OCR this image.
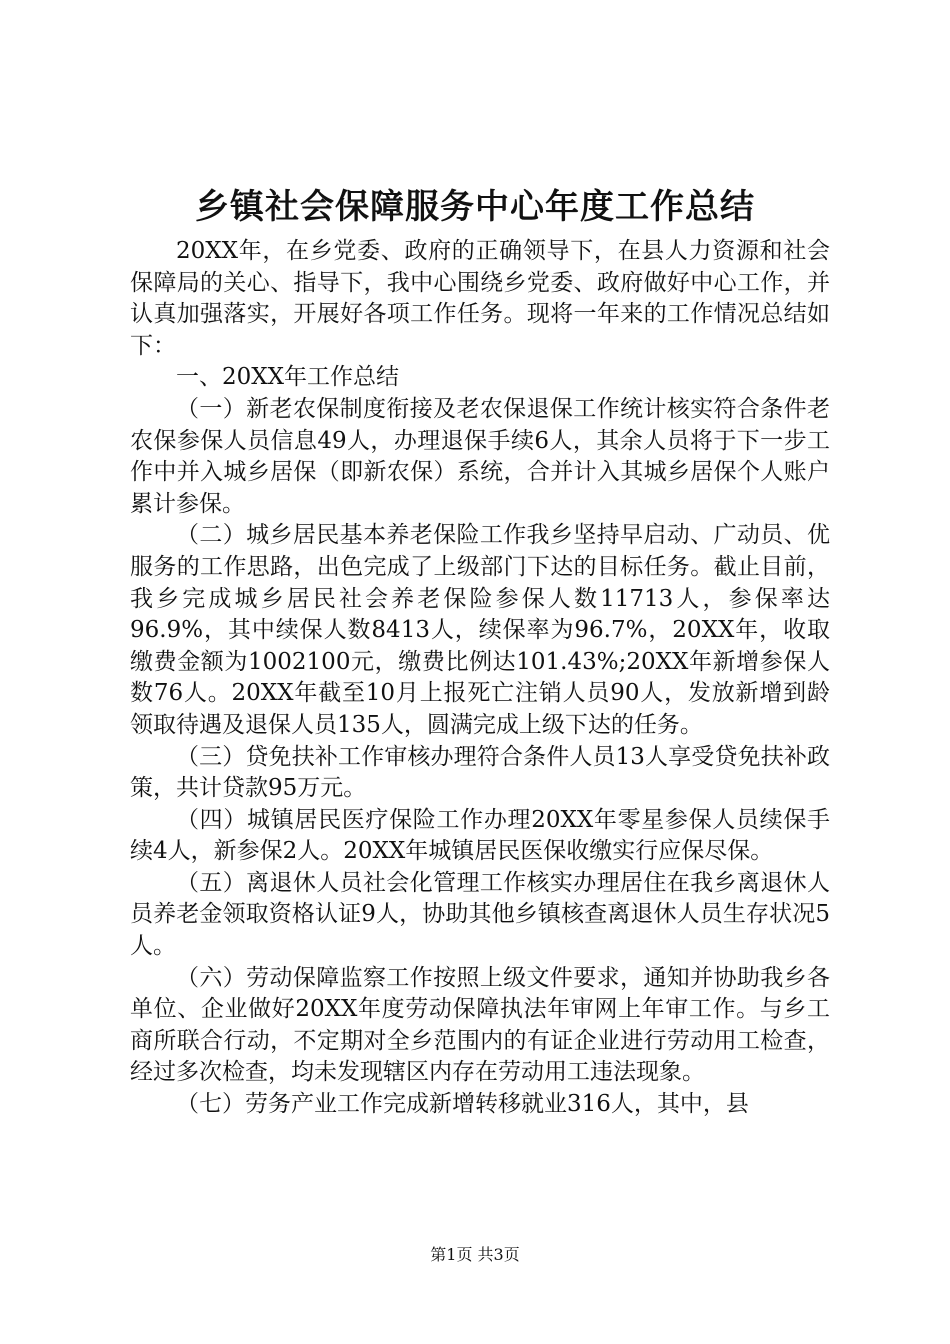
乡镇社会保障服务中心年度工作总结

20XX年，在乡党委、政府的正确领导下，在县人力资源和社会保障局的关心、指导下，我中心围绕乡党委、政府做好中心工作，并认真加强落实，开展好各项工作任务。现将一年来的工作情况总结如下：

一、20XX年工作总结

（一）新老农保制度衔接及老农保退保工作统计核实符合条件老农保参保人员信息49人，办理退保手续6人，其余人员将于下一步工作中并入城乡居保（即新农保）系统，合并计入其城乡居保个人账户累计参保。

（二）城乡居民基本养老保险工作我乡坚持早启动、广动员、优服务的工作思路，出色完成了上级部门下达的目标任务。截止目前，我乡完成城乡居民社会养老保险参保人数11713人，参保率达96.9%，其中续保人数8413人，续保率为96.7%，20XX年，收取缴费金额为1002100元，缴费比例达101.43%;20XX年新增参保人数76人。20XX年截至10月上报死亡注销人员90人，发放新增到龄领取待遇及退保人员135人，圆满完成上级下达的任务。

（三）贷免扶补工作审核办理符合条件人员13人享受贷免扶补政策，共计贷款95万元。

（四）城镇居民医疗保险工作办理20XX年零星参保人员续保手续4人，新参保2人。20XX年城镇居民医保收缴实行应保尽保。

（五）离退休人员社会化管理工作核实办理居住在我乡离退休人员养老金领取资格认证9人，协助其他乡镇核查离退休人员生存状况5人。

（六）劳动保障监察工作按照上级文件要求，通知并协助我乡各单位、企业做好20XX年度劳动保障执法年审网上年审工作。与乡工商所联合行动，不定期对全乡范围内的有证企业进行劳动用工检查，经过多次检查，均未发现辖区内存在劳动用工违法现象。

（七）劳务产业工作完成新增转移就业316人，其中，县

第1页 共3页
